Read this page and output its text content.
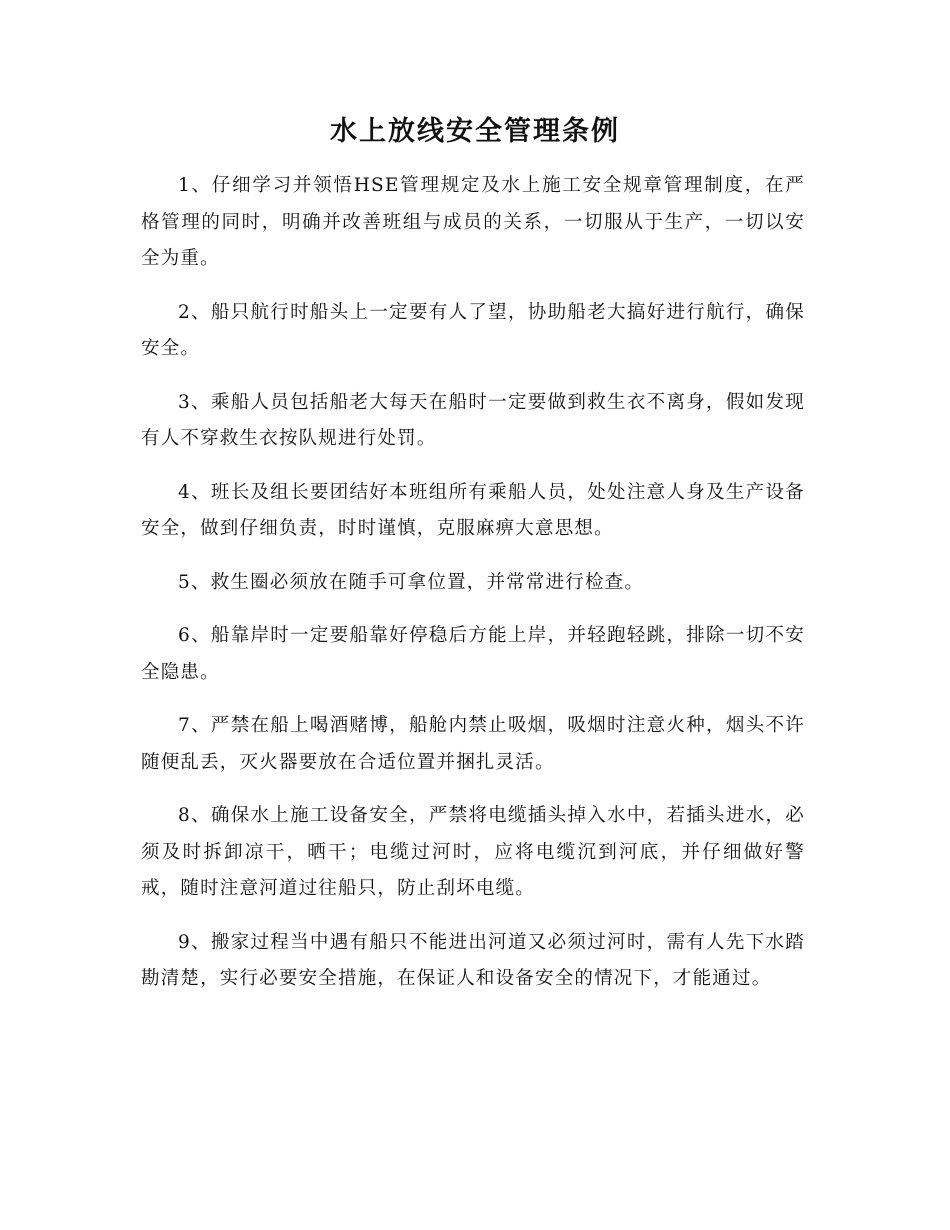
水上放线安全管理条例

1、仔细学习并领悟HSE管理规定及水上施工安全规章管理制度，在严格管理的同时，明确并改善班组与成员的关系，一切服从于生产，一切以安全为重。

2、船只航行时船头上一定要有人了望，协助船老大搞好进行航行，确保安全。

3、乘船人员包括船老大每天在船时一定要做到救生衣不离身，假如发现有人不穿救生衣按队规进行处罚。

4、班长及组长要团结好本班组所有乘船人员，处处注意人身及生产设备安全，做到仔细负责，时时谨慎，克服麻痹大意思想。

5、救生圈必须放在随手可拿位置，并常常进行检查。

6、船靠岸时一定要船靠好停稳后方能上岸，并轻跑轻跳，排除一切不安全隐患。

7、严禁在船上喝酒赌博，船舱内禁止吸烟，吸烟时注意火种，烟头不许随便乱丢，灭火器要放在合适位置并捆扎灵活。

8、确保水上施工设备安全，严禁将电缆插头掉入水中，若插头进水，必须及时拆卸凉干，晒干；电缆过河时，应将电缆沉到河底，并仔细做好警戒，随时注意河道过往船只，防止刮坏电缆。

9、搬家过程当中遇有船只不能进出河道又必须过河时，需有人先下水踏勘清楚，实行必要安全措施，在保证人和设备安全的情况下，才能通过。
